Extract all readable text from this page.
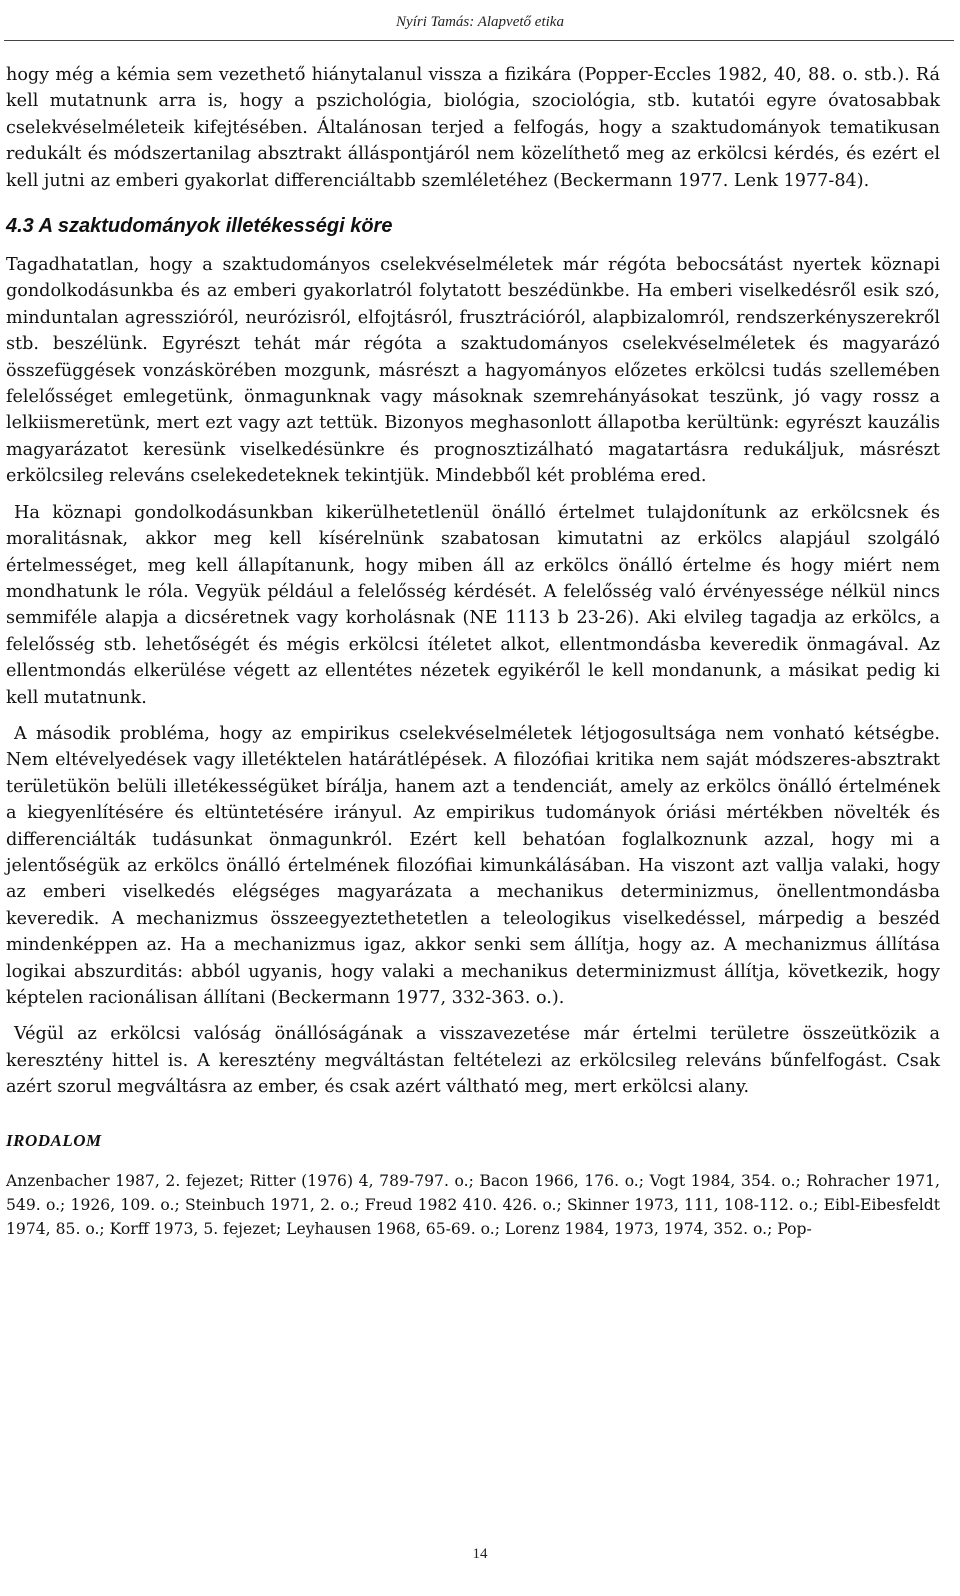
Nyíri Tamás: Alapvető etika

hogy még a kémia sem vezethető hiánytalanul vissza a fizikára (Popper-Eccles 1982, 40, 88. o. stb.). Rá kell mutatnunk arra is, hogy a pszichológia, biológia, szociológia, stb. kutatói egyre óvatosabbak cselekvéselméleteik kifejtésében. Általánosan terjed a felfogás, hogy a szaktudományok tematikusan redukált és módszertanilag absztrakt álláspontjáról nem közelíthető meg az erkölcsi kérdés, és ezért el kell jutni az emberi gyakorlat differenciáltabb szemléletéhez (Beckermann 1977. Lenk 1977-84).

4.3 A szaktudományok illetékességi köre

Tagadhatatlan, hogy a szaktudományos cselekvéselméletek már régóta bebocsátást nyertek köznapi gondolkodásunkba és az emberi gyakorlatról folytatott beszédünkbe. Ha emberi viselkedésről esik szó, minduntalan agresszióról, neurózisról, elfojtásról, frusztrációról, alapbizalomról, rendszerkényszerekről stb. beszélünk. Egyrészt tehát már régóta a szaktudományos cselekvéselméletek és magyarázó összefüggések vonzáskörében mozgunk, másrészt a hagyományos előzetes erkölcsi tudás szellemében felelősséget emlegetünk, önmagunknak vagy másoknak szemrehányásokat teszünk, jó vagy rossz a lelkiismeretünk, mert ezt vagy azt tettük. Bizonyos meghasonlott állapotba kerültünk: egyrészt kauzális magyarázatot keresünk viselkedésünkre és prognosztizálható magatartásra redukáljuk, másrészt erkölcsileg releváns cselekedeteknek tekintjük. Mindebből két probléma ered.

Ha köznapi gondolkodásunkban kikerülhetetlenül önálló értelmet tulajdonítunk az erkölcsnek és moralitásnak, akkor meg kell kísérelnünk szabatosan kimutatni az erkölcs alapjául szolgáló értelmességet, meg kell állapítanunk, hogy miben áll az erkölcs önálló értelme és hogy miért nem mondhatunk le róla. Vegyük például a felelősség kérdését. A felelősség való érvényessége nélkül nincs semmiféle alapja a dicséretnek vagy korholásnak (NE 1113 b 23-26). Aki elvileg tagadja az erkölcs, a felelősség stb. lehetőségét és mégis erkölcsi ítéletet alkot, ellentmondásba keveredik önmagával. Az ellentmondás elkerülése végett az ellentétes nézetek egyikéről le kell mondanunk, a másikat pedig ki kell mutatnunk.

A második probléma, hogy az empirikus cselekvéselméletek létjogosultsága nem vonható kétségbe. Nem eltévelyedések vagy illetéktelen határátlépések. A filozófiai kritika nem saját módszeres-absztrakt területükön belüli illetékességüket bírálja, hanem azt a tendenciát, amely az erkölcs önálló értelmének a kiegyenlítésére és eltüntetésére irányul. Az empirikus tudományok óriási mértékben növelték és differenciálták tudásunkat önmagunkról. Ezért kell behatóan foglalkoznunk azzal, hogy mi a jelentőségük az erkölcs önálló értelmének filozófiai kimunkálásában. Ha viszont azt vallja valaki, hogy az emberi viselkedés elégséges magyarázata a mechanikus determinizmus, önellentmondásba keveredik. A mechanizmus összeegyeztethetetlen a teleologikus viselkedéssel, márpedig a beszéd mindenképpen az. Ha a mechanizmus igaz, akkor senki sem állítja, hogy az. A mechanizmus állítása logikai abszurditás: abból ugyanis, hogy valaki a mechanikus determinizmust állítja, következik, hogy képtelen racionálisan állítani (Beckermann 1977, 332-363. o.).

Végül az erkölcsi valóság önállóságának a visszavezetése már értelmi területre összeütközik a keresztény hittel is. A keresztény megváltástan feltételezi az erkölcsileg releváns bűnfelfogást. Csak azért szorul megváltásra az ember, és csak azért váltható meg, mert erkölcsi alany.

IRODALOM

Anzenbacher 1987, 2. fejezet; Ritter (1976) 4, 789-797. o.; Bacon 1966, 176. o.; Vogt 1984, 354. o.; Rohracher 1971, 549. o.; 1926, 109. o.; Steinbuch 1971, 2. o.; Freud 1982 410. 426. o.; Skinner 1973, 111, 108-112. o.; Eibl-Eibesfeldt 1974, 85. o.; Korff 1973, 5. fejezet; Leyhausen 1968, 65-69. o.; Lorenz 1984, 1973, 1974, 352. o.; Pop-

14
